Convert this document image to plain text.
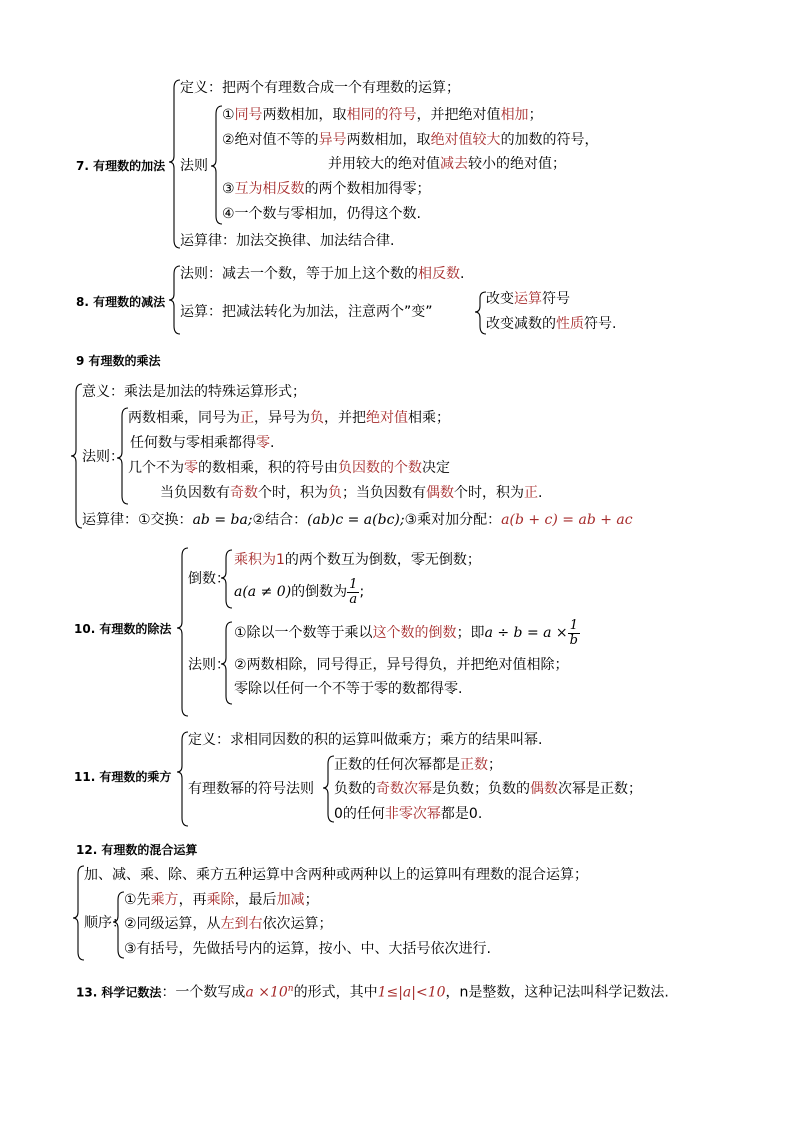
7. 有理数的加法
定义：把两个有理数合成一个有理数的运算；
法则
①同号两数相加，取相同的符号，并把绝对值相加；
②绝对值不等的异号两数相加，取绝对值较大的加数的符号，
并用较大的绝对值减去较小的绝对值；
③互为相反数的两个数相加得零；
④一个数与零相加，仍得这个数.
运算律：加法交换律、加法结合律.
8. 有理数的减法
法则：减去一个数，等于加上这个数的相反数.
运算：把减法转化为加法，注意两个”变”
改变运算符号
改变减数的性质符号.
9 有理数的乘法
意义：乘法是加法的特殊运算形式；
法则：
两数相乘，同号为正，异号为负，并把绝对值相乘；
任何数与零相乘都得零.
几个不为零的数相乘，积的符号由负因数的个数决定
当负因数有奇数个时，积为负；当负因数有偶数个时，积为正.
运算律：①交换：ab = ba;②结合：(ab)c = a(bc);③乘对加分配：a(b + c) = ab + ac
10. 有理数的除法
倒数：
乘积为1的两个数互为倒数，零无倒数；
a(a ≠ 0)的倒数为 $\frac{1}{a}$ ;
法则：
①除以一个数等于乘以这个数的倒数；即$a \div b = a \times \frac{1}{b}$
②两数相除，同号得正，异号得负，并把绝对值相除；
零除以任何一个不等于零的数都得零.
11. 有理数的乘方
定义：求相同因数的积的运算叫做乘方；乘方的结果叫幂.
有理数幂的符号法则
正数的任何次幂都是正数；
负数的奇数次幂是负数；负数的偶数次幂是正数；
0的任何非零次幂都是0.
12. 有理数的混合运算
加、减、乘、除、乘方五种运算中含两种或两种以上的运算叫有理数的混合运算；
顺序：
①先乘方，再乘除，最后加减；
②同级运算，从左到右依次运算；
③有括号，先做括号内的运算，按小、中、大括号依次进行.
13. 科学记数法：一个数写成$a \times 10^n$的形式，其中1≤|a|<10，n是整数，这种记法叫科学记数法.
